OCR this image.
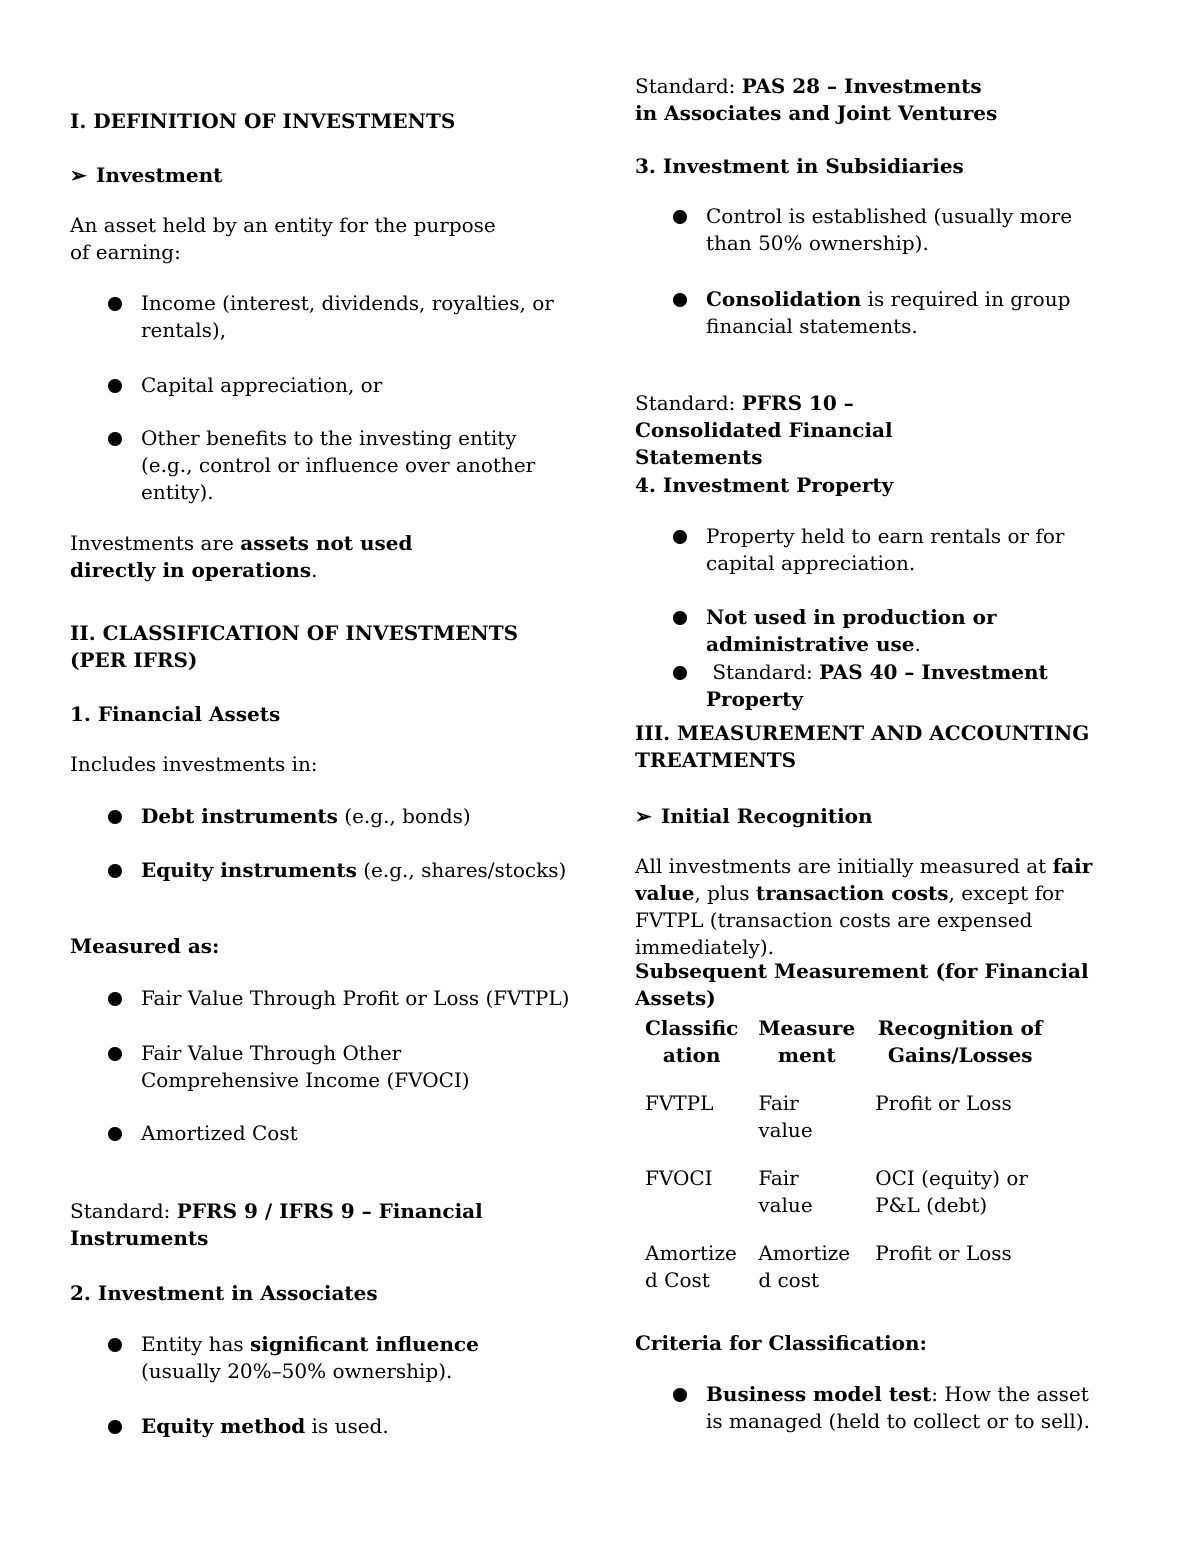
I. DEFINITION OF INVESTMENTS
➢ Investment
An asset held by an entity for the purpose of earning:
Income (interest, dividends, royalties, or rentals),
Capital appreciation, or
Other benefits to the investing entity (e.g., control or influence over another entity).
Investments are assets not used directly in operations.
II. CLASSIFICATION OF INVESTMENTS (PER IFRS)
1. Financial Assets
Includes investments in:
Debt instruments (e.g., bonds)
Equity instruments (e.g., shares/stocks)
Measured as:
Fair Value Through Profit or Loss (FVTPL)
Fair Value Through Other Comprehensive Income (FVOCI)
Amortized Cost
Standard: PFRS 9 / IFRS 9 – Financial Instruments
2. Investment in Associates
Entity has significant influence (usually 20%–50% ownership).
Equity method is used.
Standard: PAS 28 – Investments in Associates and Joint Ventures
3. Investment in Subsidiaries
Control is established (usually more than 50% ownership).
Consolidation is required in group financial statements.
Standard: PFRS 10 – Consolidated Financial Statements
4. Investment Property
Property held to earn rentals or for capital appreciation.
Not used in production or administrative use.
Standard: PAS 40 – Investment Property
III. MEASUREMENT AND ACCOUNTING TREATMENTS
➢ Initial Recognition
All investments are initially measured at fair value, plus transaction costs, except for FVTPL (transaction costs are expensed immediately).
Subsequent Measurement (for Financial Assets)
Classific ation	Measure ment	Recognition of Gains/Losses

FVTPL	Fair value	Profit or Loss

FVOCI	Fair value	OCI (equity) or P&L (debt)

Amortize d Cost	Amortize d cost	Profit or Loss
Criteria for Classification:
Business model test: How the asset is managed (held to collect or to sell).
